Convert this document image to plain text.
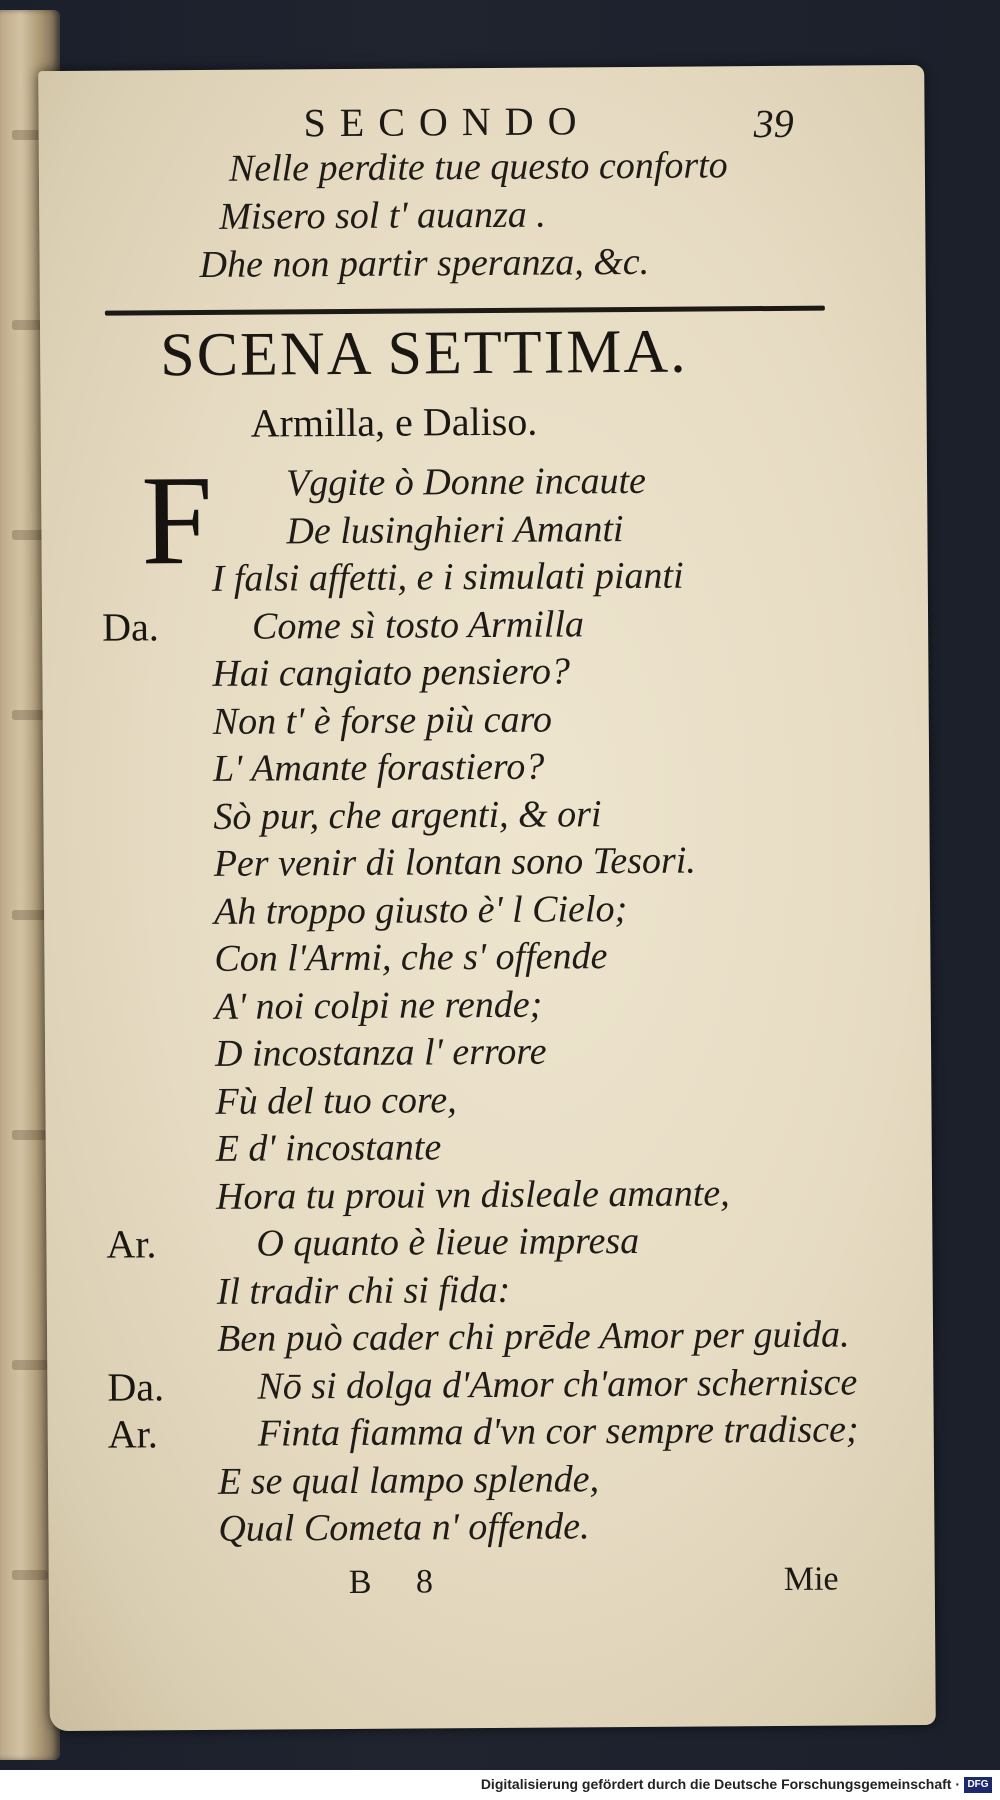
SECONDO	39
Nelle perdite tue questo conforto
Misero sol t' auanza .
Dhe non partir speranza, &c.
SCENA SETTIMA.
Armilla, e Daliso.
F Vggite ò Donne incaute
De lusinghieri Amanti
I falsi affetti, e i simulati pianti
Da. Come sì tosto Armilla
Hai cangiato pensiero?
Non t' è forse più caro
L' Amante forastiero?
Sò pur, che argenti, & ori
Per venir di lontan sono Tesori.
Ah troppo giusto è' l Cielo;
Con l'Armi, che s' offende
A' noi colpi ne rende;
D incostanza l' errore
Fù del tuo core,
E d' incostante
Hora tu proui vn disleale amante,
Ar.	O quanto è lieue impresa
Il tradir chi si fida:
Ben può cader chi prēde Amor per guida.
Da. Nō si dolga d'Amor ch'amor schernisce
Ar.	Finta fiamma d'vn cor sempre tradisce;
E se qual lampo splende,
Qual Cometa n' offende.
B 8	Mie
Digitalisierung gefördert durch die Deutsche Forschungsgemeinschaft · DFG
